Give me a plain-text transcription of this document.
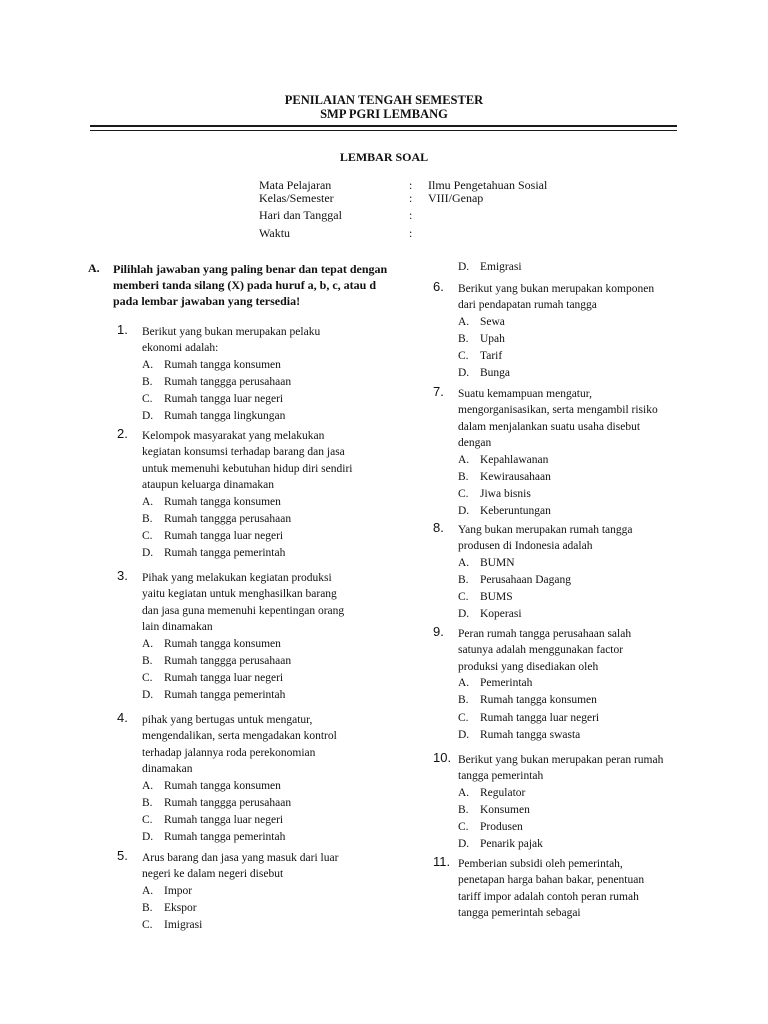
PENILAIAN TENGAH SEMESTER
SMP PGRI LEMBANG
LEMBAR SOAL
Mata Pelajaran	: Ilmu Pengetahuan Sosial
Kelas/Semester	: VIII/Genap
Hari dan Tanggal	:
Waktu	:
A. Pilihlah jawaban yang paling benar dan tepat dengan memberi tanda silang (X) pada huruf a, b, c, atau d pada lembar jawaban yang tersedia!
1. Berikut yang bukan merupakan pelaku ekonomi adalah:
A. Rumah tangga konsumen
B. Rumah tanggga perusahaan
C. Rumah tangga luar negeri
D. Rumah tangga lingkungan
2. Kelompok masyarakat yang melakukan kegiatan konsumsi terhadap barang dan jasa untuk memenuhi kebutuhan hidup diri sendiri ataupun keluarga dinamakan
A. Rumah tangga konsumen
B. Rumah tanggga perusahaan
C. Rumah tangga luar negeri
D. Rumah tangga pemerintah
3. Pihak yang melakukan kegiatan produksi yaitu kegiatan untuk menghasilkan barang dan jasa guna memenuhi kepentingan orang lain dinamakan
A. Rumah tangga konsumen
B. Rumah tanggga perusahaan
C. Rumah tangga luar negeri
D. Rumah tangga pemerintah
4. pihak yang bertugas untuk mengatur, mengendalikan, serta mengadakan kontrol terhadap jalannya roda perekonomian dinamakan
A. Rumah tangga konsumen
B. Rumah tanggga perusahaan
C. Rumah tangga luar negeri
D. Rumah tangga pemerintah
5. Arus barang dan jasa yang masuk dari luar negeri ke dalam negeri disebut
A. Impor
B. Ekspor
C. Imigrasi
D. Emigrasi
6. Berikut yang bukan merupakan komponen dari pendapatan rumah tangga
A. Sewa
B. Upah
C. Tarif
D. Bunga
7. Suatu kemampuan mengatur, mengorganisasikan, serta mengambil risiko dalam menjalankan suatu usaha disebut dengan
A. Kepahlawanan
B. Kewirausahaan
C. Jiwa bisnis
D. Keberuntungan
8. Yang bukan merupakan rumah tangga produsen di Indonesia adalah
A. BUMN
B. Perusahaan Dagang
C. BUMS
D. Koperasi
9. Peran rumah tangga perusahaan salah satunya adalah menggunakan factor produksi yang disediakan oleh
A. Pemerintah
B. Rumah tangga konsumen
C. Rumah tangga luar negeri
D. Rumah tangga swasta
10. Berikut yang bukan merupakan peran rumah tangga pemerintah
A. Regulator
B. Konsumen
C. Produsen
D. Penarik pajak
11. Pemberian subsidi oleh pemerintah, penetapan harga bahan bakar, penentuan tariff impor adalah contoh peran rumah tangga pemerintah sebagai
